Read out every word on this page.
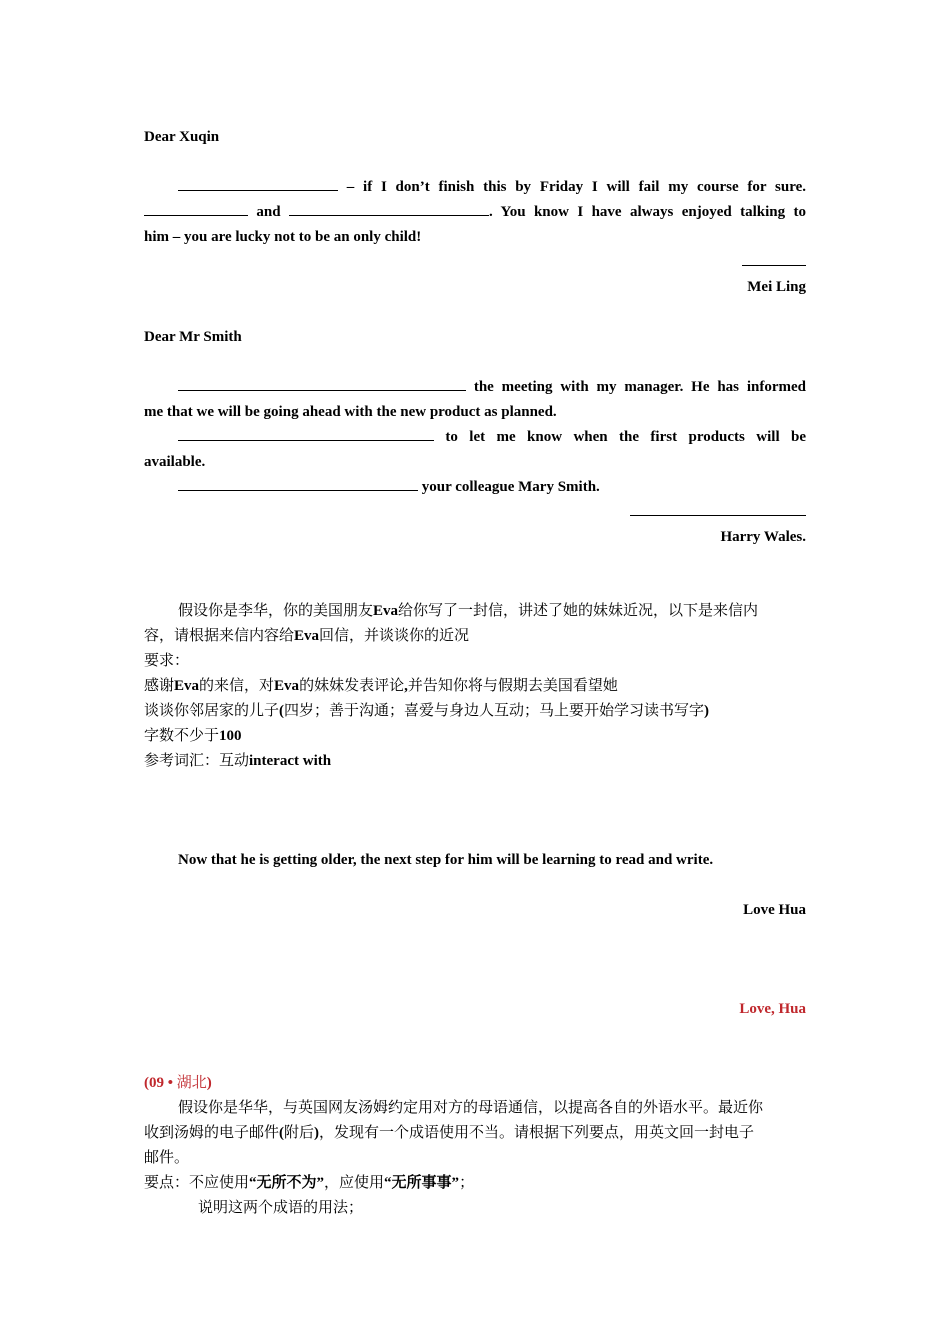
Dear Xuqin
– if I don’t finish this by Friday I will fail my course for sure.
and	. You know I have always enjoyed talking to
him – you are lucky not to be an only child!
Mei Ling
Dear Mr Smith
the meeting with my manager. He has informed
me that we will be going ahead with the new product as planned.
to let me know when the first products will be
available.
your colleague Mary Smith.
Harry Wales.
假设你是李华，你的美国朋友Eva给你写了一封信，讲述了她的妹妹近况，以下是来信内
容，请根据来信内容给Eva回信，并谈谈你的近况
要求：
感谢Eva的来信，对Eva的妹妹发表评论,并告知你将与假期去美国看望她
谈谈你邻居家的儿子(四岁；善于沟通；喜爱与身边人互动；马上要开始学习读书写字)
字数不少于100
参考词汇：互动interact with
Now that he is getting older, the next step for him will be learning to read and write.
Love Hua
Love, Hua
(09 • 湖北)
假设你是华华，与英国网友汤姆约定用对方的母语通信，以提高各自的外语水平。最近你
收到汤姆的电子邮件(附后)，发现有一个成语使用不当。请根据下列要点，用英文回一封电子
邮件。
要点：不应使用“无所不为”，应使用“无所事事”；
说明这两个成语的用法；
